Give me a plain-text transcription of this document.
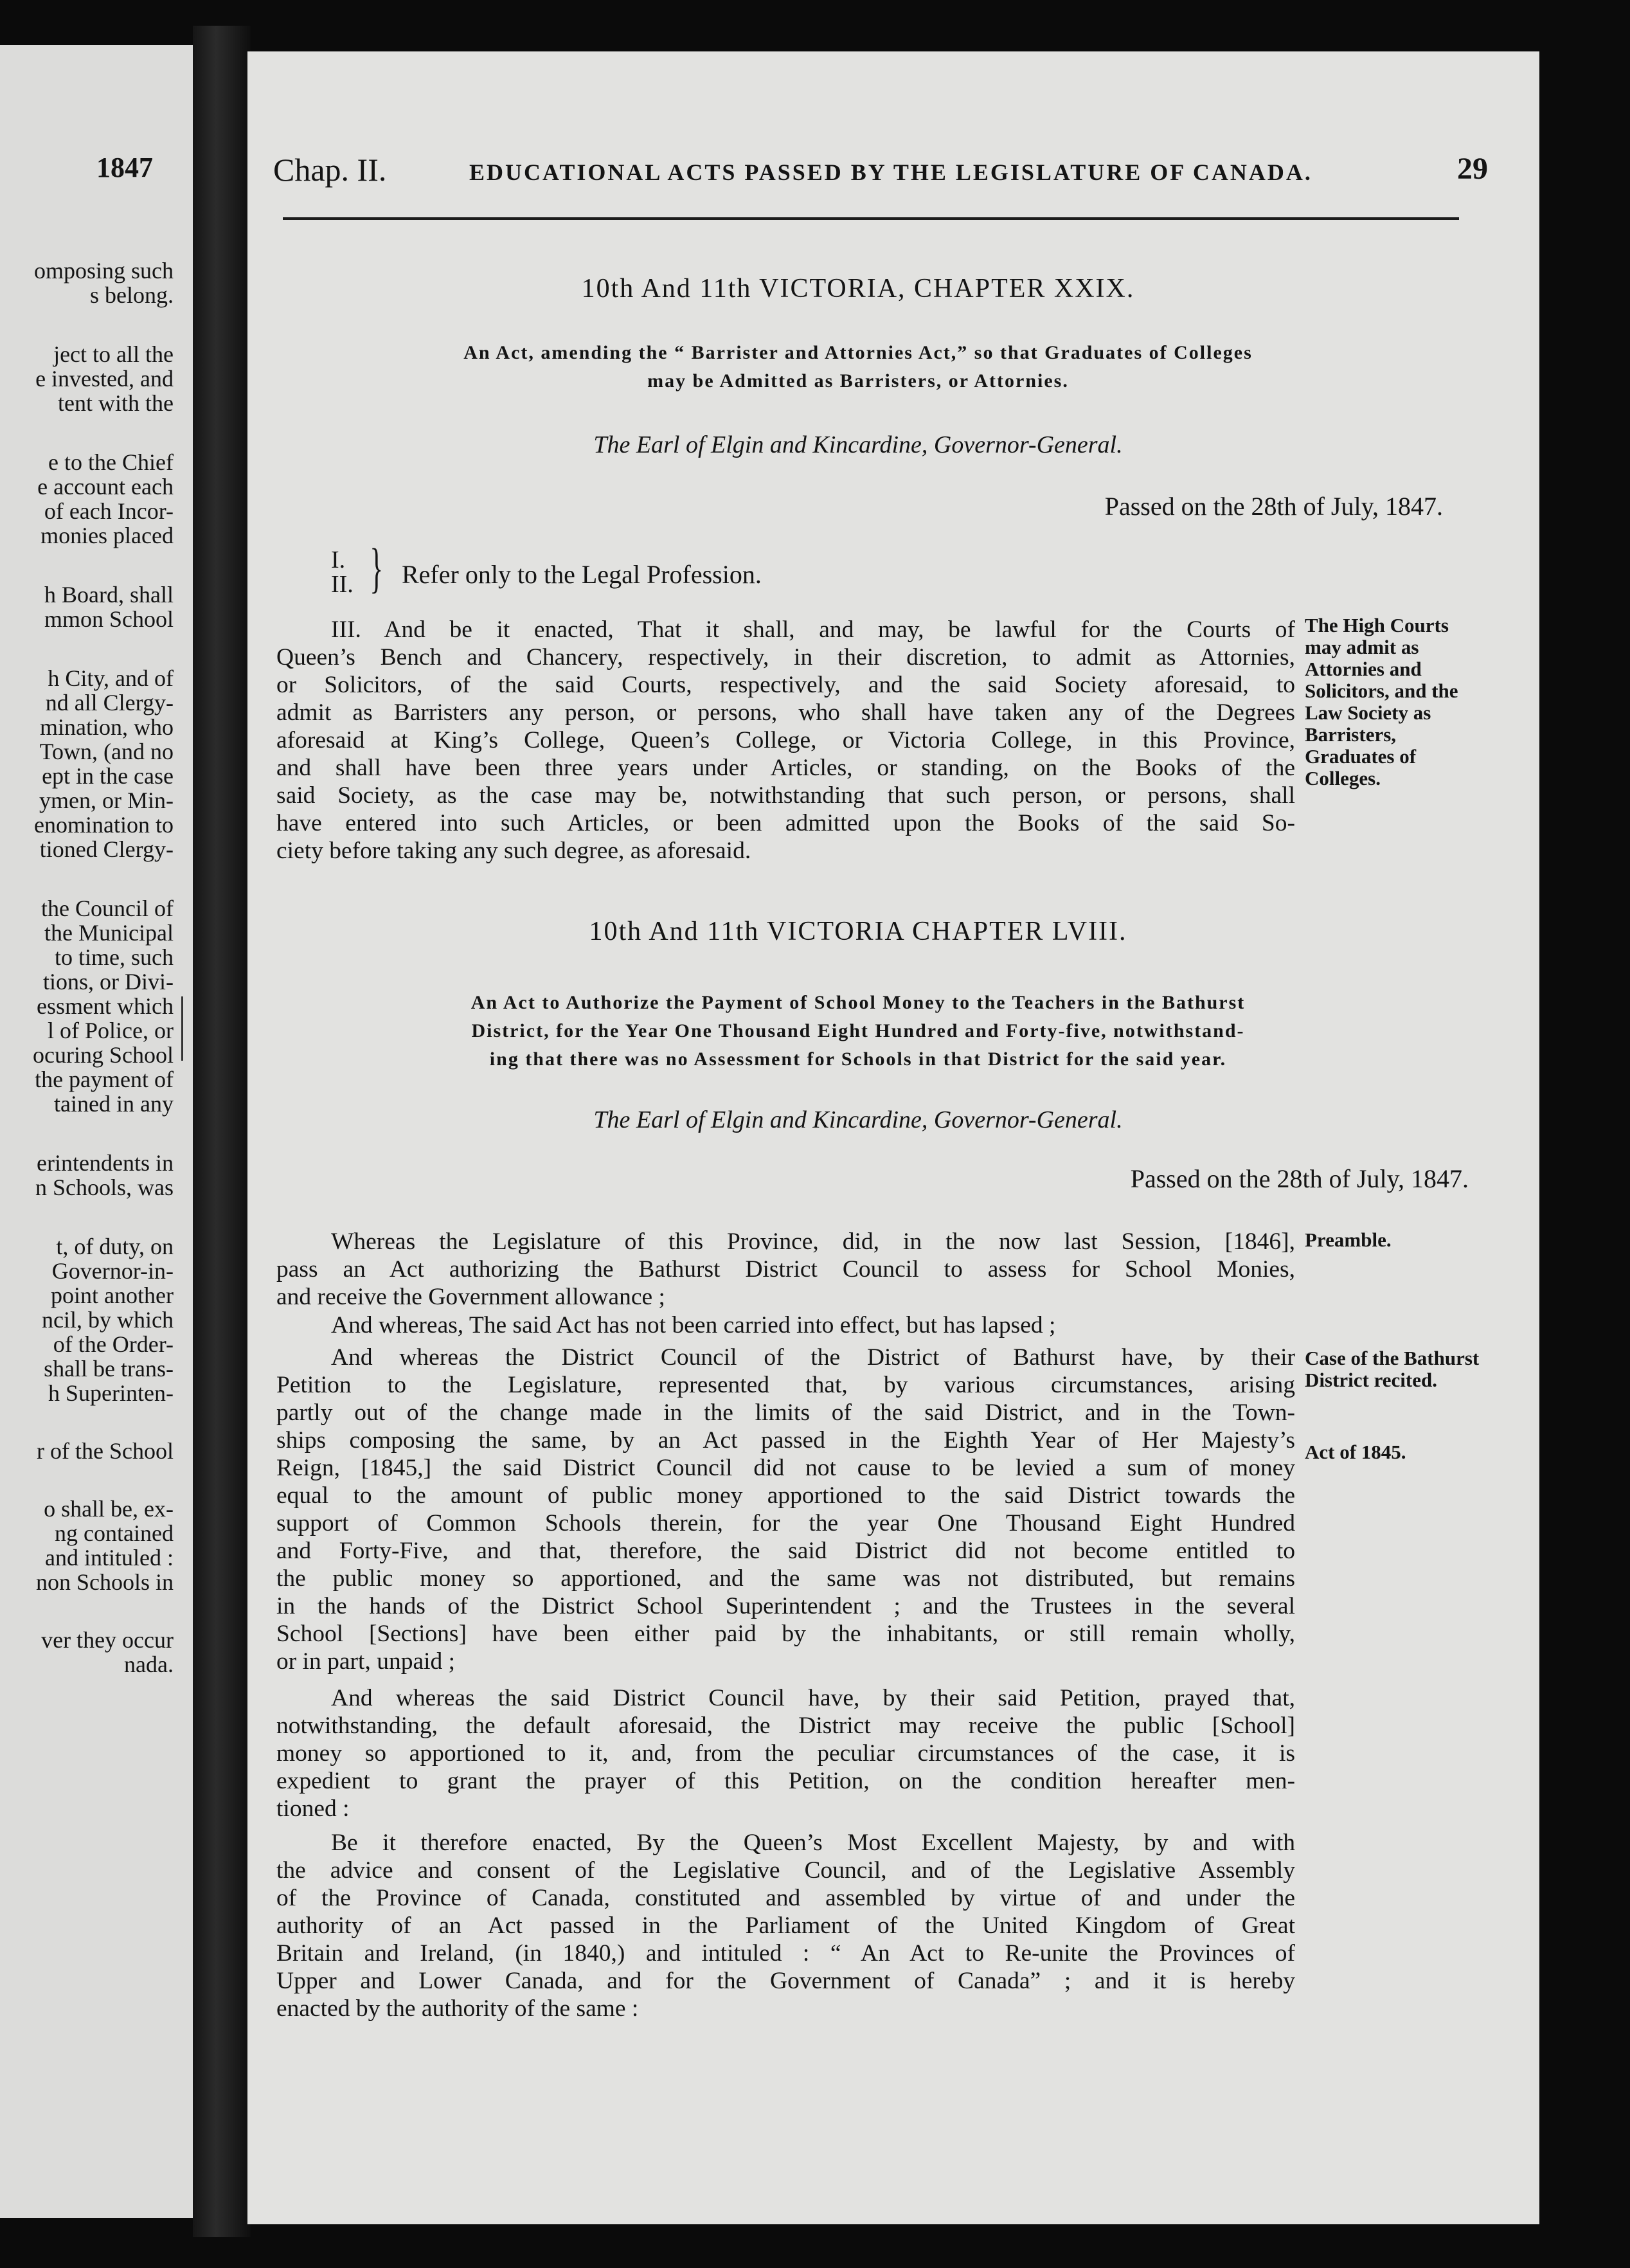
1847
omposing such
s belong.
ject to all the
e invested, and
tent with the
e to the Chief
e account each
of each Incor-
monies placed
h Board, shall
mmon School
h City, and of
nd all Clergy-
mination, who
Town, (and no
ept in the case
ymen, or Min-
enomination to
tioned Clergy-
the Council of
the Municipal
to time, such
tions, or Divi-
essment which
l of Police, or
ocuring School
the payment of
tained in any
erintendents in
n Schools, was
t, of duty, on
Governor-in-
point another
ncil, by which
of the Order-
shall be trans-
h Superinten-
r of the School
o shall be, ex-
ng contained
and intituled :
non Schools in
ver they occur
nada.
Chap. II.	EDUCATIONAL ACTS PASSED BY THE LEGISLATURE OF CANADA.	29
10th And 11th VICTORIA, CHAPTER XXIX.
An Act, amending the “ Barrister and Attornies Act,” so that Graduates of Colleges
may be Admitted as Barristers, or Attornies.
The Earl of Elgin and Kincardine, Governor-General.
Passed on the 28th of July, 1847.
I.
II. } Refer only to the Legal Profession.
III. And be it enacted, That it shall, and may, be lawful for the Courts of
Queen’s Bench and Chancery, respectively, in their discretion, to admit as Attornies,
or Solicitors, of the said Courts, respectively, and the said Society aforesaid, to
admit as Barristers any person, or persons, who shall have taken any of the Degrees
aforesaid at King’s College, Queen’s College, or Victoria College, in this Province,
and shall have been three years under Articles, or standing, on the Books of the
said Society, as the case may be, notwithstanding that such person, or persons, shall
have entered into such Articles, or been admitted upon the Books of the said So-
ciety before taking any such degree, as aforesaid.
The High Courts may admit as Attornies and Solicitors, and the Law Society as Barristers, Graduates of Colleges.
10th And 11th VICTORIA CHAPTER LVIII.
An Act to Authorize the Payment of School Money to the Teachers in the Bathurst
District, for the Year One Thousand Eight Hundred and Forty-five, notwithstand-
ing that there was no Assessment for Schools in that District for the said year.
The Earl of Elgin and Kincardine, Governor-General.
Passed on the 28th of July, 1847.
Whereas the Legislature of this Province, did, in the now last Session, [1846],
pass an Act authorizing the Bathurst District Council to assess for School Monies,
and receive the Government allowance ;
And whereas, The said Act has not been carried into effect, but has lapsed ;
And whereas the District Council of the District of Bathurst have, by their
Petition to the Legislature, represented that, by various circumstances, arising
partly out of the change made in the limits of the said District, and in the Town-
ships composing the same, by an Act passed in the Eighth Year of Her Majesty’s
Reign, [1845,] the said District Council did not cause to be levied a sum of money
equal to the amount of public money apportioned to the said District towards the
support of Common Schools therein, for the year One Thousand Eight Hundred
and Forty-Five, and that, therefore, the said District did not become entitled to
the public money so apportioned, and the same was not distributed, but remains
in the hands of the District School Superintendent ; and the Trustees in the several
School [Sections] have been either paid by the inhabitants, or still remain wholly,
or in part, unpaid ;
And whereas the said District Council have, by their said Petition, prayed that,
notwithstanding, the default aforesaid, the District may receive the public [School]
money so apportioned to it, and, from the peculiar circumstances of the case, it is
expedient to grant the prayer of this Petition, on the condition hereafter men-
tioned :
Be it therefore enacted, By the Queen’s Most Excellent Majesty, by and with
the advice and consent of the Legislative Council, and of the Legislative Assembly
of the Province of Canada, constituted and assembled by virtue of and under the
authority of an Act passed in the Parliament of the United Kingdom of Great
Britain and Ireland, (in 1840,) and intituled : “ An Act to Re-unite the Provinces of
Upper and Lower Canada, and for the Government of Canada” ; and it is hereby
enacted by the authority of the same :
Preamble.
Case of the Bathurst District recited.
Act of 1845.
